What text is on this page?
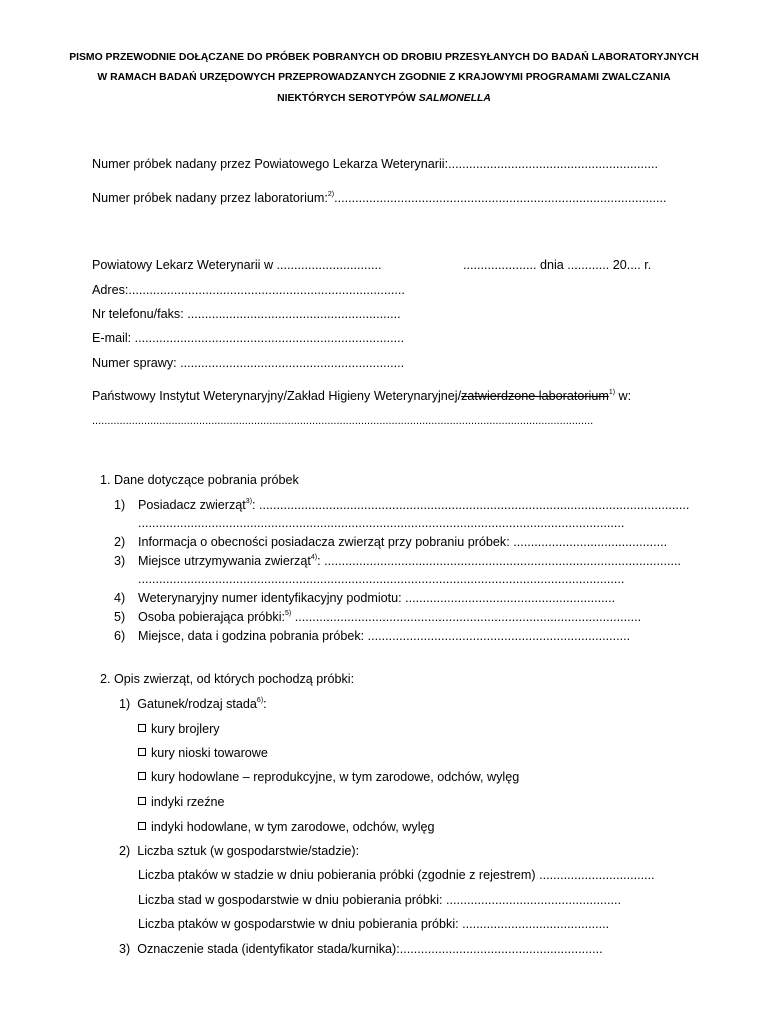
PISMO PRZEWODNIE DOŁĄCZANE DO PRÓBEK POBRANYCH OD DROBIU PRZESYŁANYCH DO BADAŃ LABORATORYJNYCH
W RAMACH BADAŃ URZĘDOWYCH PRZEPROWADZANYCH ZGODNIE Z KRAJOWYMI PROGRAMAMI ZWALCZANIA
NIEKTÓRYCH SEROTYPÓW SALMONELLA
Numer próbek nadany przez Powiatowego Lekarza Weterynarii:............................................................
Numer próbek nadany przez laboratorium:$^{2)}$...............................................................................................
Powiatowy Lekarz Weterynarii w ..............................	..................... dnia ............ 20.... r.
Adres:...............................................................................
Nr telefonu/faks: .............................................................
E-mail: .............................................................................
Numer sprawy: ................................................................
Państwowy Instytut Weterynaryjny/Zakład Higieny Weterynaryjnej/zatwierdzone laboratorium$^{1)}$ w:
....................................................................................................................................................................
1. Dane dotyczące pobrania próbek
1) Posiadacz zwierząt$^{3)}$: ...........................................................................................................................
...........................................................................................................................................
2) Informacja o obecności posiadacza zwierząt przy pobraniu próbek: ............................................
3) Miejsce utrzymywania zwierząt$^{4)}$: ......................................................................................................
...........................................................................................................................................
4) Weterynaryjny numer identyfikacyjny podmiotu: ............................................................
5) Osoba pobierająca próbki:$^{5)}$ ...................................................................................................
6) Miejsce, data i godzina pobrania próbek: ...........................................................................
2. Opis zwierząt, od których pochodzą próbki:
1) Gatunek/rodzaj stada$^{6)}$:
kury brojlery
kury nioski towarowe
kury hodowlane – reprodukcyjne, w tym zarodowe, odchów, wylęg
indyki rzeźne
indyki hodowlane, w tym zarodowe, odchów, wylęg
2) Liczba sztuk (w gospodarstwie/stadzie):
Liczba ptaków w stadzie w dniu pobierania próbki (zgodnie z rejestrem) .................................
Liczba stad w gospodarstwie w dniu pobierania próbki: ..................................................
Liczba ptaków w gospodarstwie w dniu pobierania próbki: ..........................................
3) Oznaczenie stada (identyfikator stada/kurnika):..........................................................
